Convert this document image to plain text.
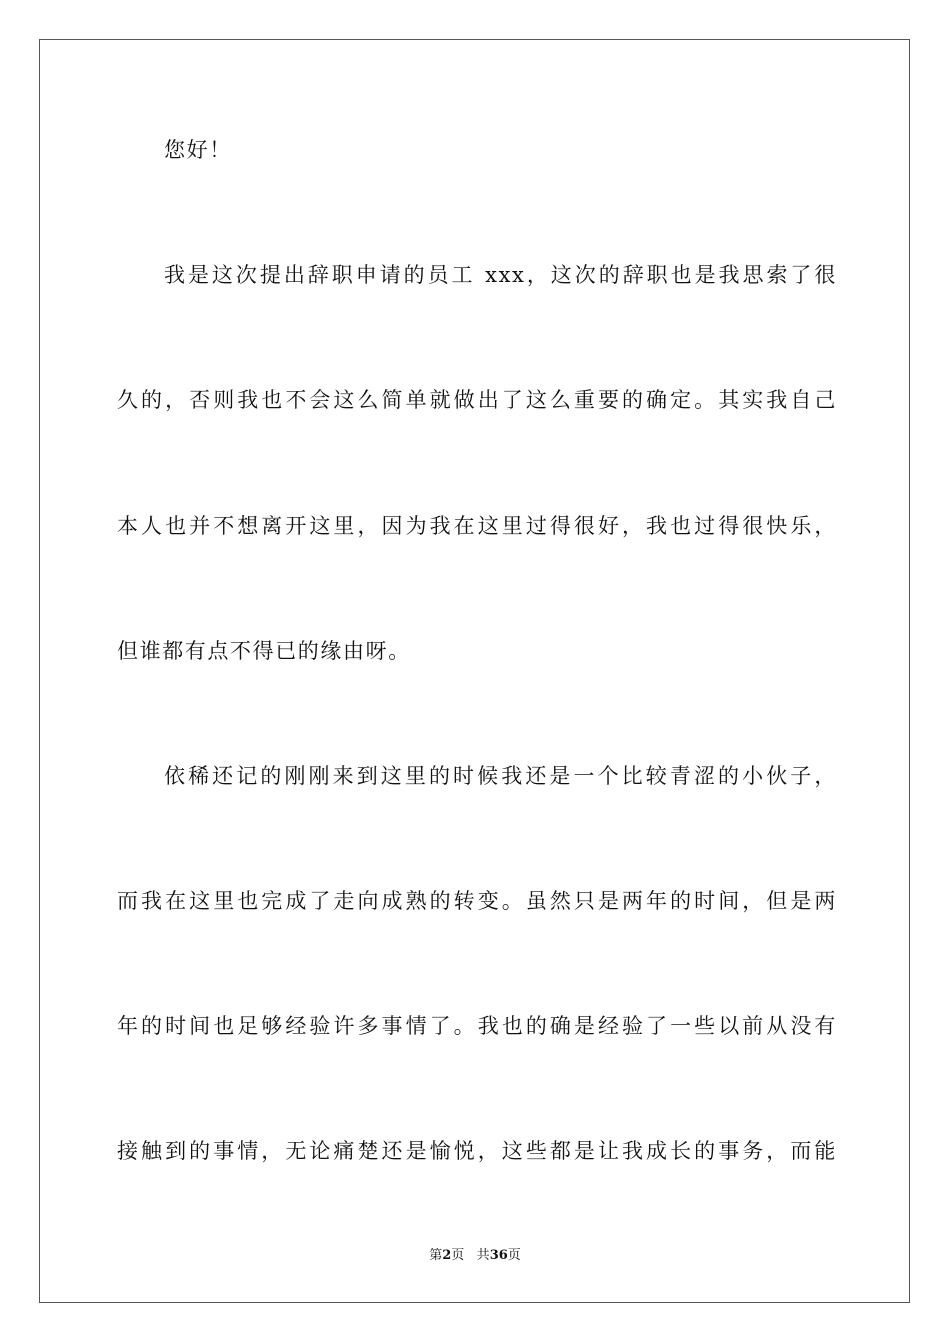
您好！
我是这次提出辞职申请的员工 xxx，这次的辞职也是我思索了很
久的，否则我也不会这么简单就做出了这么重要的确定。其实我自己
本人也并不想离开这里，因为我在这里过得很好，我也过得很快乐，
但谁都有点不得已的缘由呀。
依稀还记的刚刚来到这里的时候我还是一个比较青涩的小伙子，
而我在这里也完成了走向成熟的转变。虽然只是两年的时间，但是两
年的时间也足够经验许多事情了。我也的确是经验了一些以前从没有
接触到的事情，无论痛楚还是愉悦，这些都是让我成长的事务，而能
第2页 共36页
